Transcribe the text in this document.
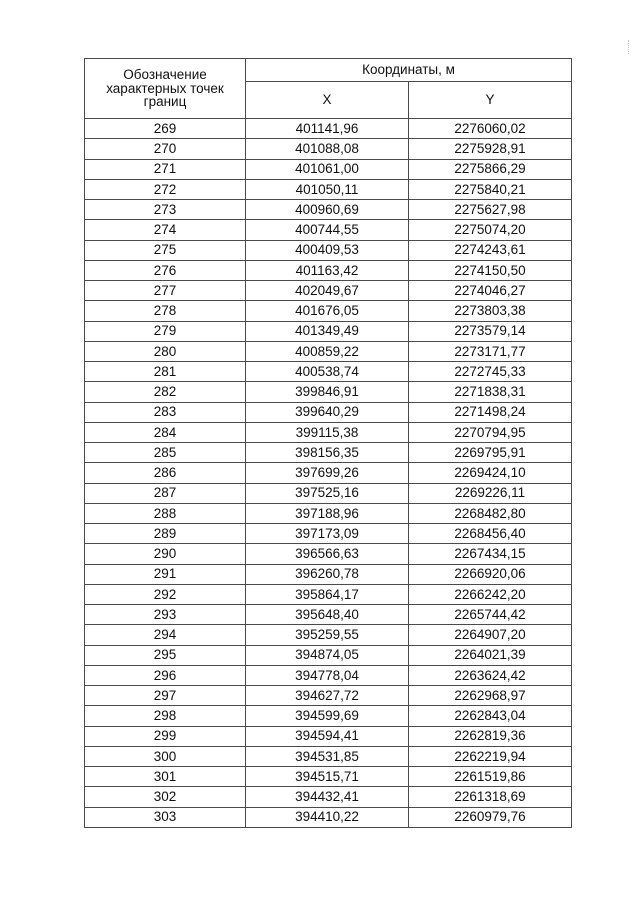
Обозначение характерных точек границ	Координаты, м	
	X	Y
269	401141,96	2276060,02
270	401088,08	2275928,91
271	401061,00	2275866,29
272	401050,11	2275840,21
273	400960,69	2275627,98
274	400744,55	2275074,20
275	400409,53	2274243,61
276	401163,42	2274150,50
277	402049,67	2274046,27
278	401676,05	2273803,38
279	401349,49	2273579,14
280	400859,22	2273171,77
281	400538,74	2272745,33
282	399846,91	2271838,31
283	399640,29	2271498,24
284	399115,38	2270794,95
285	398156,35	2269795,91
286	397699,26	2269424,10
287	397525,16	2269226,11
288	397188,96	2268482,80
289	397173,09	2268456,40
290	396566,63	2267434,15
291	396260,78	2266920,06
292	395864,17	2266242,20
293	395648,40	2265744,42
294	395259,55	2264907,20
295	394874,05	2264021,39
296	394778,04	2263624,42
297	394627,72	2262968,97
298	394599,69	2262843,04
299	394594,41	2262819,36
300	394531,85	2262219,94
301	394515,71	2261519,86
302	394432,41	2261318,69
303	394410,22	2260979,76
